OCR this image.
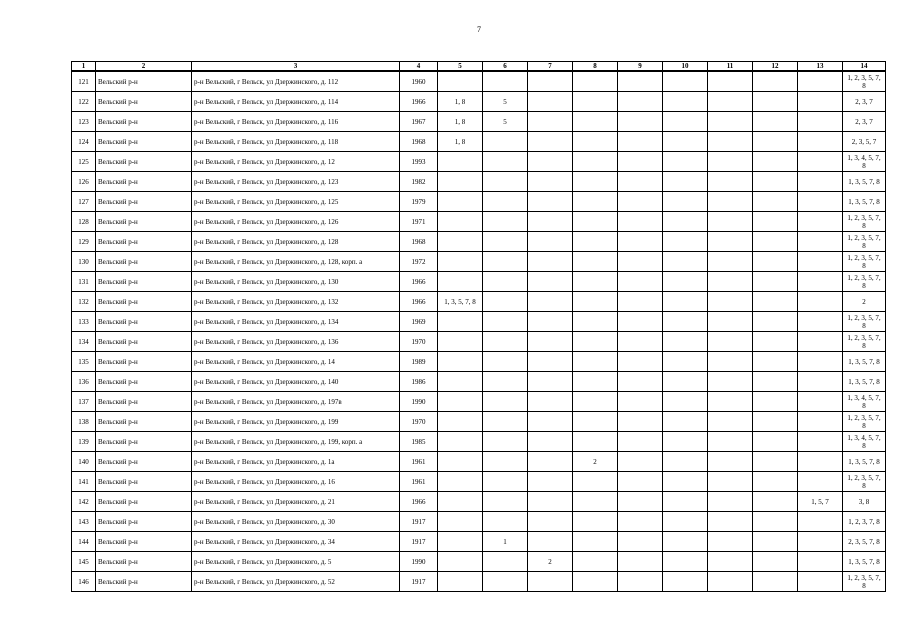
7
1	2	3	4	5	6	7	8	9	10	11	12	13	14
121	Вельский р-н	р-н Вельский, г Вельск, ул Дзержинского, д. 112	1960										1, 2, 3, 5, 7, 8
122	Вельский р-н	р-н Вельский, г Вельск, ул Дзержинского, д. 114	1966	1, 8	5								2, 3, 7
123	Вельский р-н	р-н Вельский, г Вельск, ул Дзержинского, д. 116	1967	1, 8	5								2, 3, 7
124	Вельский р-н	р-н Вельский, г Вельск, ул Дзержинского, д. 118	1968	1, 8									2, 3, 5, 7
125	Вельский р-н	р-н Вельский, г Вельск, ул Дзержинского, д. 12	1993										1, 3, 4, 5, 7, 8
126	Вельский р-н	р-н Вельский, г Вельск, ул Дзержинского, д. 123	1982										1, 3, 5, 7, 8
127	Вельский р-н	р-н Вельский, г Вельск, ул Дзержинского, д. 125	1979										1, 3, 5, 7, 8
128	Вельский р-н	р-н Вельский, г Вельск, ул Дзержинского, д. 126	1971										1, 2, 3, 5, 7, 8
129	Вельский р-н	р-н Вельский, г Вельск, ул Дзержинского, д. 128	1968										1, 2, 3, 5, 7, 8
130	Вельский р-н	р-н Вельский, г Вельск, ул Дзержинского, д. 128, корп. а	1972										1, 2, 3, 5, 7, 8
131	Вельский р-н	р-н Вельский, г Вельск, ул Дзержинского, д. 130	1966										1, 2, 3, 5, 7, 8
132	Вельский р-н	р-н Вельский, г Вельск, ул Дзержинского, д. 132	1966	1, 3, 5, 7, 8									2
133	Вельский р-н	р-н Вельский, г Вельск, ул Дзержинского, д. 134	1969										1, 2, 3, 5, 7, 8
134	Вельский р-н	р-н Вельский, г Вельск, ул Дзержинского, д. 136	1970										1, 2, 3, 5, 7, 8
135	Вельский р-н	р-н Вельский, г Вельск, ул Дзержинского, д. 14	1989										1, 3, 5, 7, 8
136	Вельский р-н	р-н Вельский, г Вельск, ул Дзержинского, д. 140	1986										1, 3, 5, 7, 8
137	Вельский р-н	р-н Вельский, г Вельск, ул Дзержинского, д. 197в	1990										1, 3, 4, 5, 7, 8
138	Вельский р-н	р-н Вельский, г Вельск, ул Дзержинского, д. 199	1970										1, 2, 3, 5, 7, 8
139	Вельский р-н	р-н Вельский, г Вельск, ул Дзержинского, д. 199, корп. а	1985										1, 3, 4, 5, 7, 8
140	Вельский р-н	р-н Вельский, г Вельск, ул Дзержинского, д. 1а	1961				2						1, 3, 5, 7, 8
141	Вельский р-н	р-н Вельский, г Вельск, ул Дзержинского, д. 16	1961										1, 2, 3, 5, 7, 8
142	Вельский р-н	р-н Вельский, г Вельск, ул Дзержинского, д. 21	1966									1, 5, 7	3, 8
143	Вельский р-н	р-н Вельский, г Вельск, ул Дзержинского, д. 30	1917										1, 2, 3, 7, 8
144	Вельский р-н	р-н Вельский, г Вельск, ул Дзержинского, д. 34	1917		1								2, 3, 5, 7, 8
145	Вельский р-н	р-н Вельский, г Вельск, ул Дзержинского, д. 5	1990			2							1, 3, 5, 7, 8
146	Вельский р-н	р-н Вельский, г Вельск, ул Дзержинского, д. 52	1917										1, 2, 3, 5, 7, 8
